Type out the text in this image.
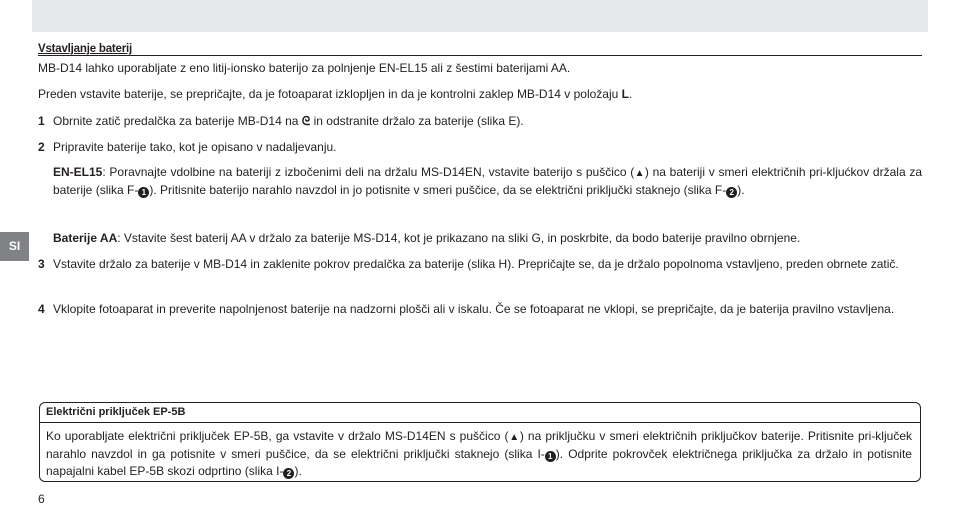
Vstavljanje baterij

MB-D14 lahko uporabljate z eno litij-ionsko baterijo za polnjenje EN-EL15 ali z šestimi baterijami AA.

Preden vstavite baterije, se prepričajte, da je fotoaparat izklopljen in da je kontrolni zaklep MB-D14 v položaju L.

1 Obrnite zatič predalčka za baterije MB-D14 na ᘓ in odstranite držalo za baterije (slika E).
2 Pripravite baterije tako, kot je opisano v nadaljevanju.
EN-EL15: Poravnajte vdolbine na bateriji z izbočenimi deli na držalu MS-D14EN, vstavite baterijo s puščico (▲) na bateriji v smeri električnih pri-kljućkov držala za baterije (slika F- 1 ). Pritisnite baterijo narahlo navzdol in jo potisnite v smeri puščice, da se električni priključki staknejo (slika F- 2 ).
Baterije AA: Vstavite šest baterij AA v držalo za baterije MS-D14, kot je prikazano na sliki G, in poskrbite, da bodo baterije pravilno obrnjene.
3 Vstavite držalo za baterije v MB-D14 in zaklenite pokrov predalčka za baterije (slika H). Prepričajte se, da je držalo popolnoma vstavljeno, preden obrnete zatič.
4 Vklopite fotoaparat in preverite napolnjenost baterije na nadzorni plošči ali v iskalu. Če se fotoaparat ne vklopi, se prepričajte, da je baterija pravilno vstavljena.
SI
Električni priključek EP-5B
Ko uporabljate električni priključek EP-5B, ga vstavite v držalo MS-D14EN s puščico (▲) na priključku v smeri električnih priključkov baterije. Pritisnite pri-ključek narahlo navzdol in ga potisnite v smeri puščice, da se električni priključki staknejo (slika I- 1 ). Odprite pokrovček električnega priključka za držalo in potisnite napajalni kabel EP-5B skozi odprtino (slika I- 2 ).
6
